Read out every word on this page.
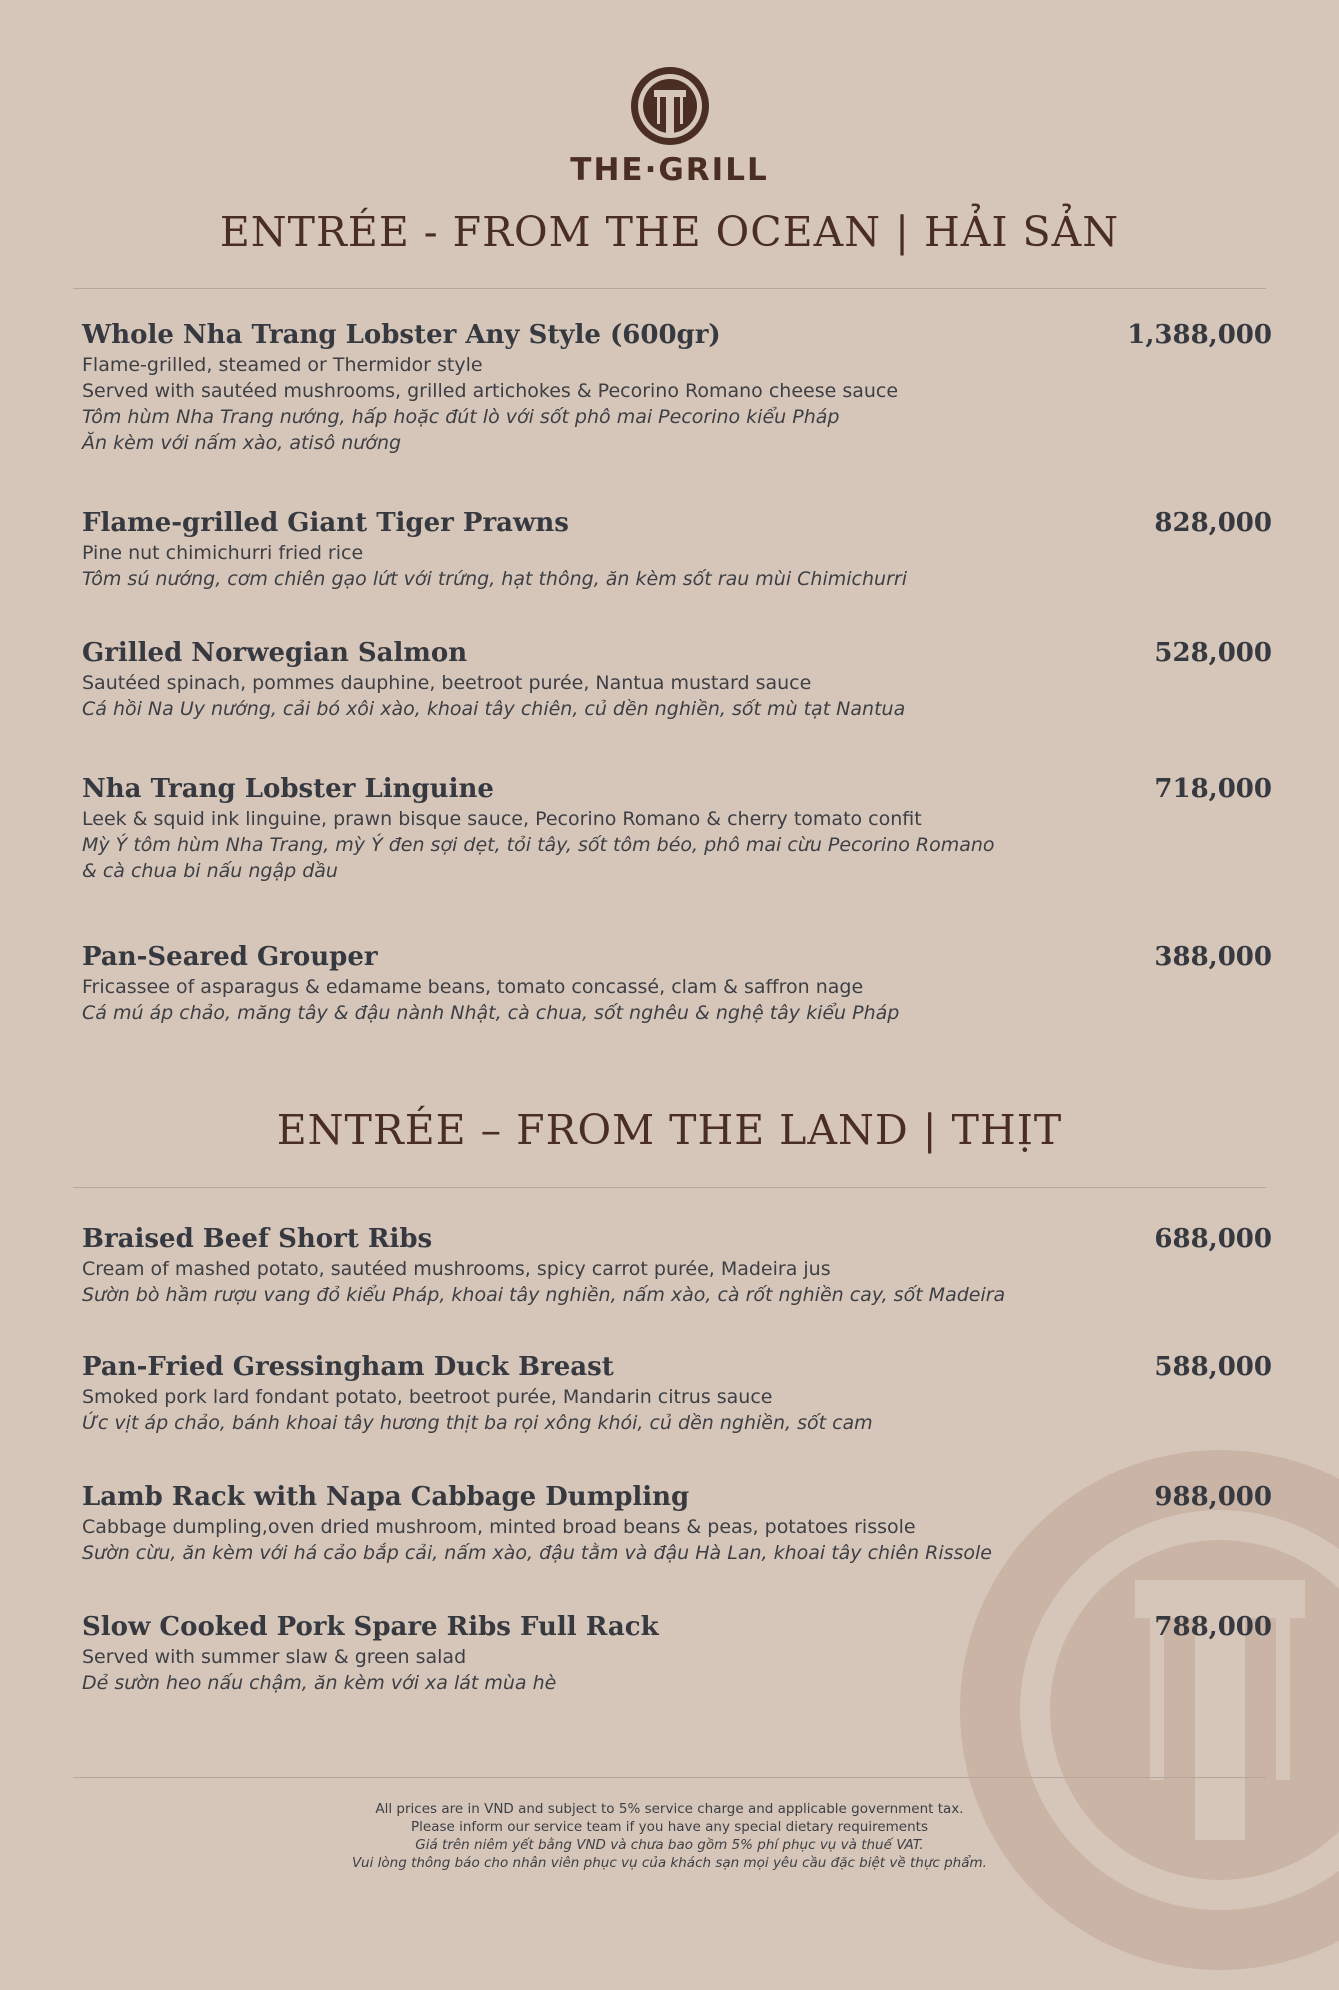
THE·GRILL
ENTRÉE - FROM THE OCEAN | HẢI SẢN
Whole Nha Trang Lobster Any Style (600gr)	1,388,000
Flame-grilled, steamed or Thermidor style
Served with sautéed mushrooms, grilled artichokes & Pecorino Romano cheese sauce
Tôm hùm Nha Trang nướng, hấp hoặc đút lò với sốt phô mai Pecorino kiểu Pháp
Ăn kèm với nấm xào, atisô nướng
Flame-grilled Giant Tiger Prawns	828,000
Pine nut chimichurri fried rice
Tôm sú nướng, cơm chiên gạo lứt với trứng, hạt thông, ăn kèm sốt rau mùi Chimichurri
Grilled Norwegian Salmon	528,000
Sautéed spinach, pommes dauphine, beetroot purée, Nantua mustard sauce
Cá hồi Na Uy nướng, cải bó xôi xào, khoai tây chiên, củ dền nghiền, sốt mù tạt Nantua
Nha Trang Lobster Linguine	718,000
Leek & squid ink linguine, prawn bisque sauce, Pecorino Romano & cherry tomato confit
Mỳ Ý tôm hùm Nha Trang, mỳ Ý đen sợi dẹt, tỏi tây, sốt tôm béo, phô mai cừu Pecorino Romano
& cà chua bi nấu ngập dầu
Pan-Seared Grouper	388,000
Fricassee of asparagus & edamame beans, tomato concassé, clam & saffron nage
Cá mú áp chảo, măng tây & đậu nành Nhật, cà chua, sốt nghêu & nghệ tây kiểu Pháp
ENTRÉE – FROM THE LAND | THỊT
Braised Beef Short Ribs	688,000
Cream of mashed potato, sautéed mushrooms, spicy carrot purée, Madeira jus
Sườn bò hầm rượu vang đỏ kiểu Pháp, khoai tây nghiền, nấm xào, cà rốt nghiền cay, sốt Madeira
Pan-Fried Gressingham Duck Breast	588,000
Smoked pork lard fondant potato, beetroot purée, Mandarin citrus sauce
Ức vịt áp chảo, bánh khoai tây hương thịt ba rọi xông khói, củ dền nghiền, sốt cam
Lamb Rack with Napa Cabbage Dumpling	988,000
Cabbage dumpling,oven dried mushroom, minted broad beans & peas, potatoes rissole
Sườn cừu, ăn kèm với há cảo bắp cải, nấm xào, đậu tằm và đậu Hà Lan, khoai tây chiên Rissole
Slow Cooked Pork Spare Ribs Full Rack	788,000
Served with summer slaw & green salad
Dẻ sườn heo nấu chậm, ăn kèm với xa lát mùa hè
All prices are in VND and subject to 5% service charge and applicable government tax.
Please inform our service team if you have any special dietary requirements
Giá trên niêm yết bằng VND và chưa bao gồm 5% phí phục vụ và thuế VAT.
Vui lòng thông báo cho nhân viên phục vụ của khách sạn mọi yêu cầu đặc biệt về thực phẩm.
